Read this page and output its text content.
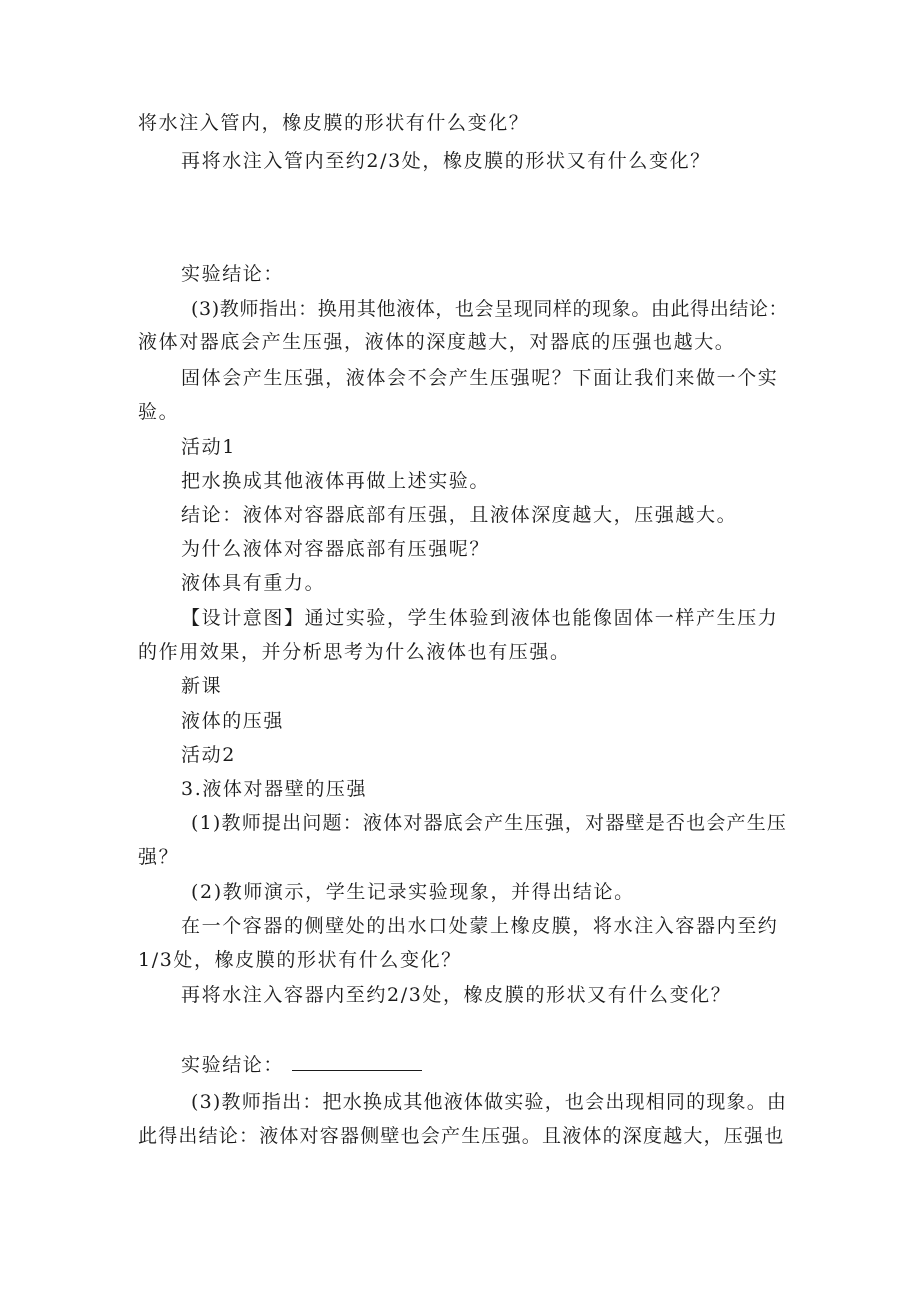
将水注入管内，橡皮膜的形状有什么变化？
再将水注入管内至约2/3处，橡皮膜的形状又有什么变化？
实验结论：
(3)教师指出：换用其他液体，也会呈现同样的现象。由此得出结论：
液体对器底会产生压强，液体的深度越大，对器底的压强也越大。
固体会产生压强，液体会不会产生压强呢？下面让我们来做一个实
验。
活动1
把水换成其他液体再做上述实验。
结论：液体对容器底部有压强，且液体深度越大，压强越大。
为什么液体对容器底部有压强呢？
液体具有重力。
【设计意图】通过实验，学生体验到液体也能像固体一样产生压力
的作用效果，并分析思考为什么液体也有压强。
新课
液体的压强
活动2
3.液体对器壁的压强
(1)教师提出问题：液体对器底会产生压强，对器壁是否也会产生压
强？
(2)教师演示，学生记录实验现象，并得出结论。
在一个容器的侧壁处的出水口处蒙上橡皮膜，将水注入容器内至约
1/3处，橡皮膜的形状有什么变化？
再将水注入容器内至约2/3处，橡皮膜的形状又有什么变化？
实验结论：
(3)教师指出：把水换成其他液体做实验，也会出现相同的现象。由
此得出结论：液体对容器侧壁也会产生压强。且液体的深度越大，压强也
